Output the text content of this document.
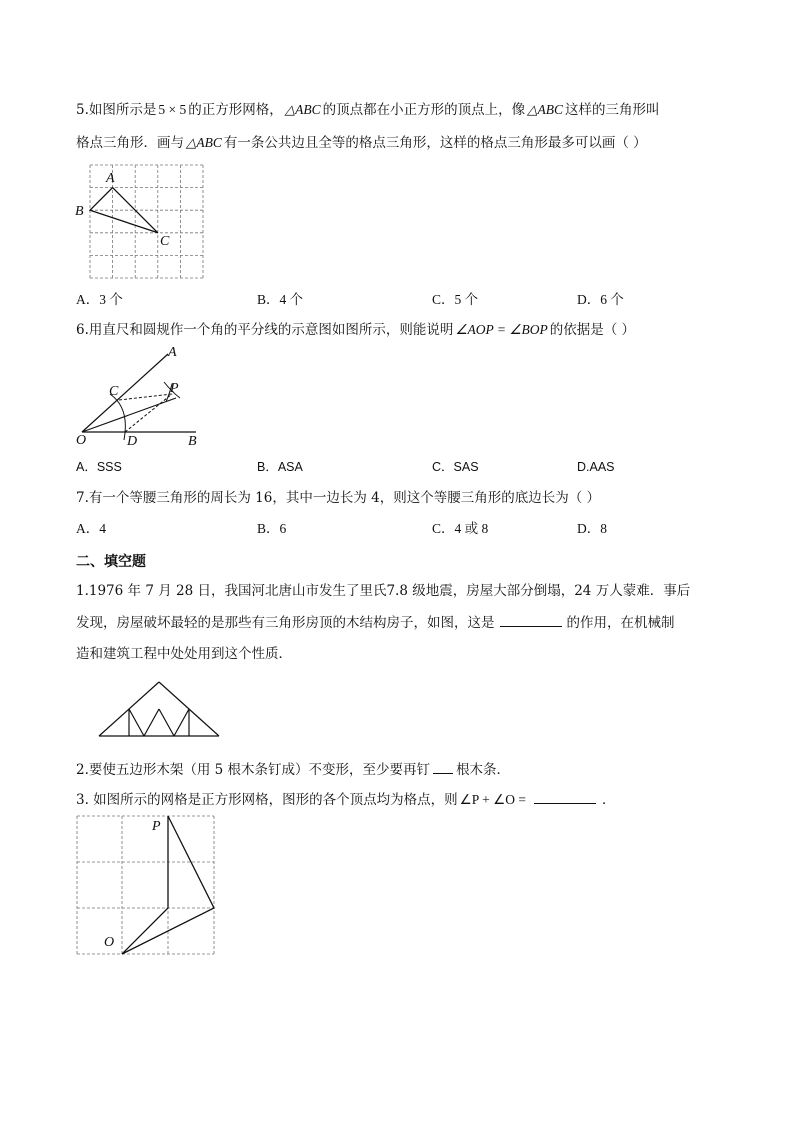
5.如图所示是 5 × 5 的正方形网格， △ABC 的顶点都在小正方形的顶点上，像 △ABC 这样的三角形叫
格点三角形．画与 △ABC 有一条公共边且全等的格点三角形，这样的格点三角形最多可以画（ ）
A
B
C
A．3 个	B．4 个	C．5 个	D．6 个
6.用直尺和圆规作一个角的平分线的示意图如图所示，则能说明 ∠AOP = ∠BOP 的依据是（ ）
A
C	P
O	D	B
A．SSS	B．ASA	C．SAS	D.AAS
7.有一个等腰三角形的周长为 16，其中一边长为 4，则这个等腰三角形的底边长为（ ）
A．4	B．6	C．4 或 8	D．8
二、填空题
1.1976 年 7 月 28 日，我国河北唐山市发生了里氏7.8 级地震，房屋大部分倒塌，24 万人蒙难．事后
发现，房屋破坏最轻的是那些有三角形房顶的木结构房子，如图，这是	的作用，在机械制
造和建筑工程中处处用到这个性质．
2.要使五边形木架（用 5 根木条钉成）不变形，至少要再钉 根木条．
3. 如图所示的网格是正方形网格，图形的各个顶点均为格点，则 ∠P + ∠O =	．
P
O
